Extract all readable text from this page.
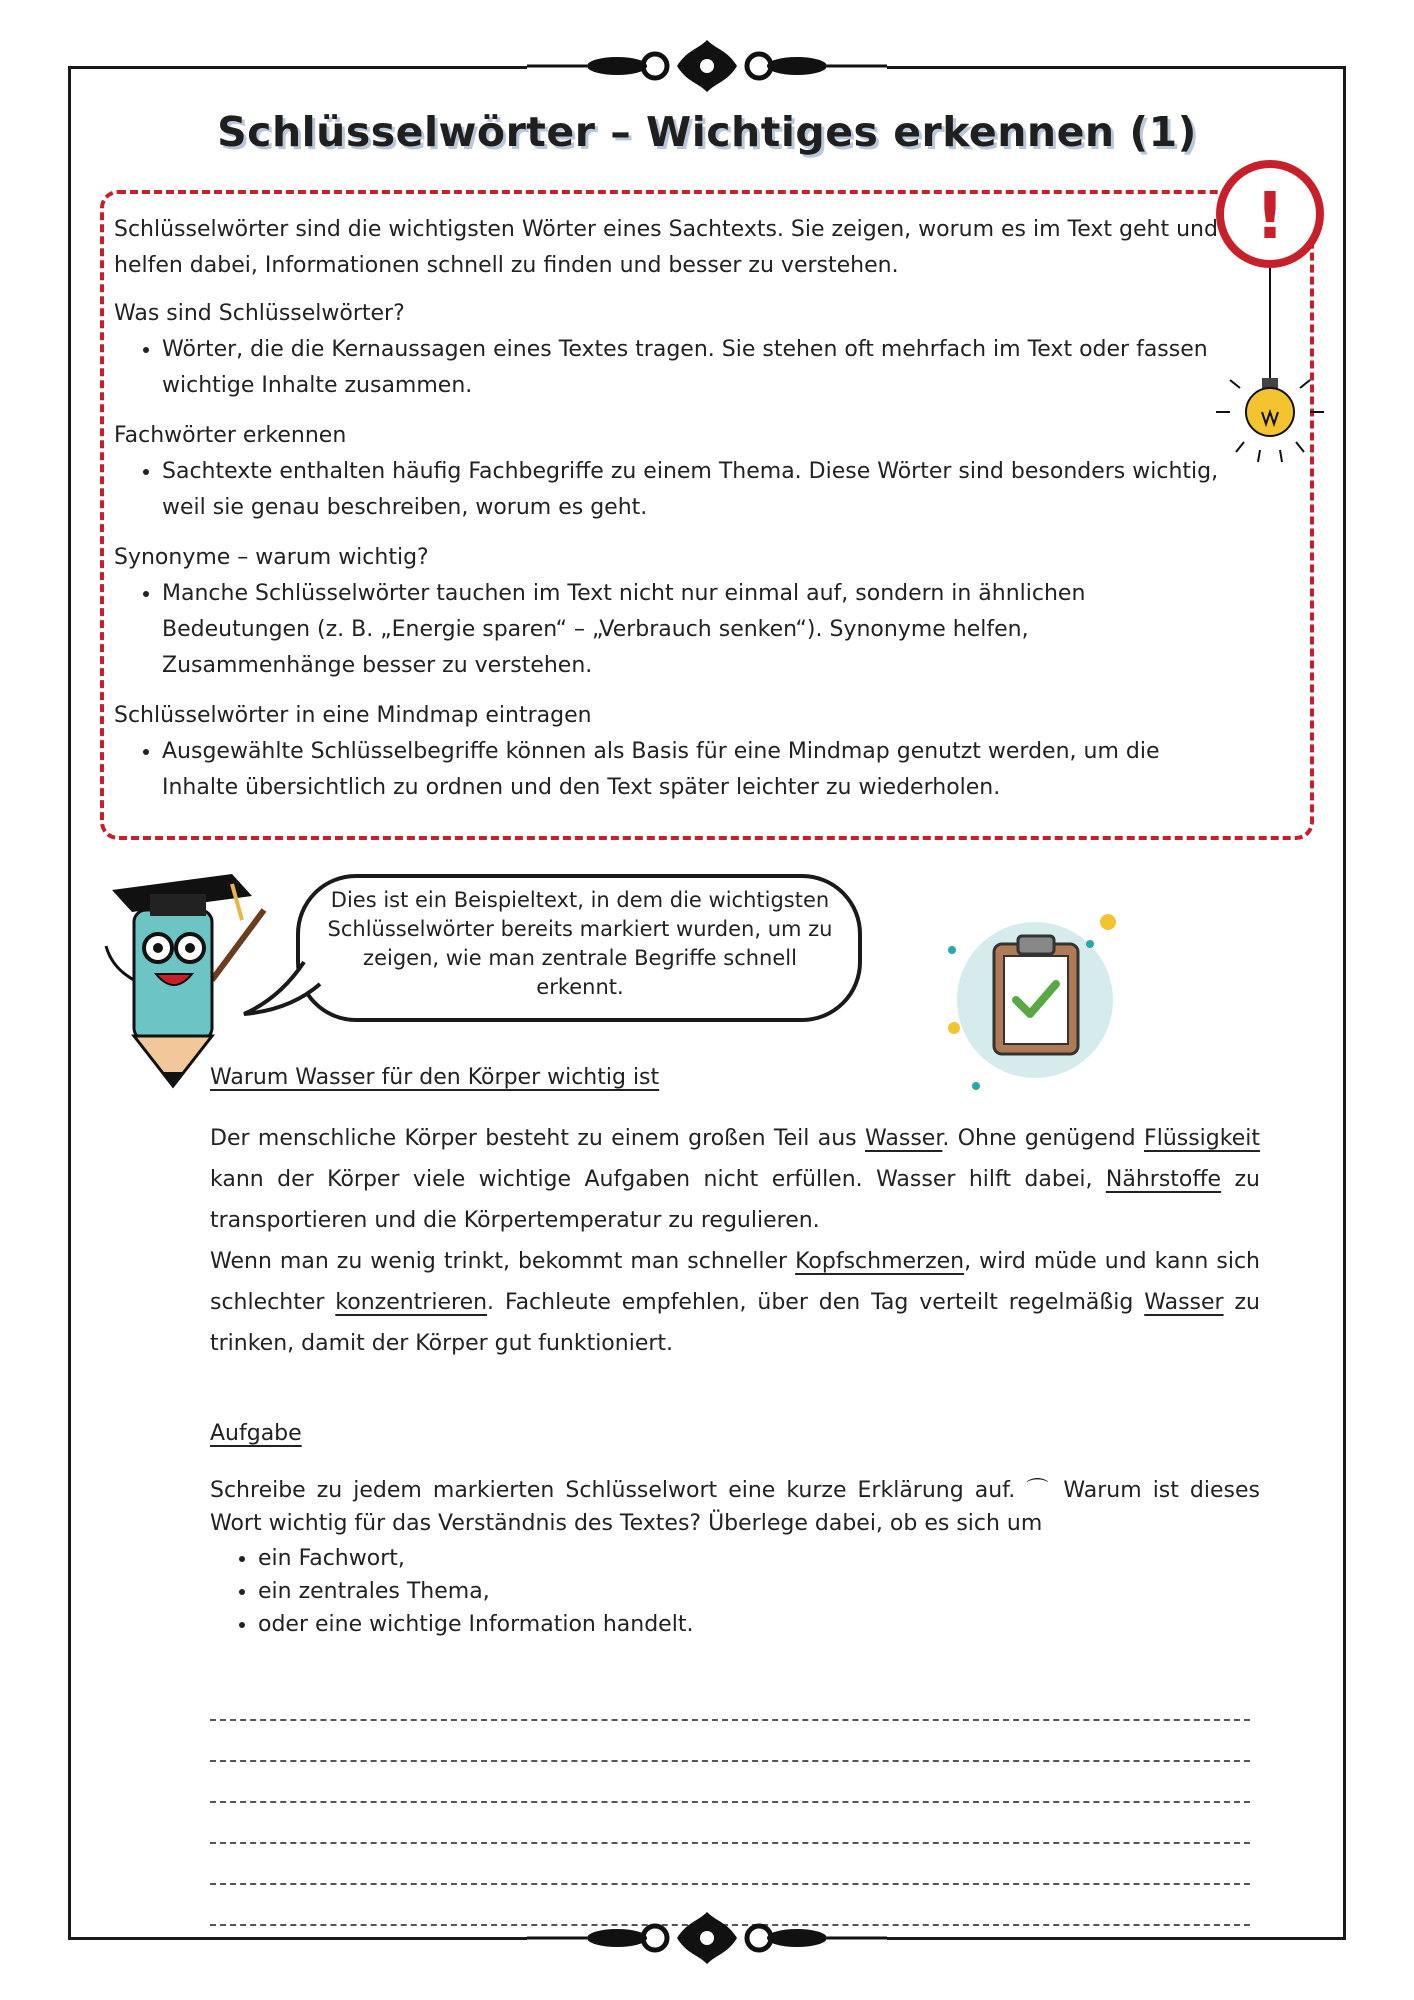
Schlüsselwörter – Wichtiges erkennen (1)

Schlüsselwörter sind die wichtigsten Wörter eines Sachtexts. Sie zeigen, worum es im Text geht und helfen dabei, Informationen schnell zu finden und besser zu verstehen.

Was sind Schlüsselwörter?
• Wörter, die die Kernaussagen eines Textes tragen. Sie stehen oft mehrfach im Text oder fassen wichtige Inhalte zusammen.
Fachwörter erkennen
• Sachtexte enthalten häufig Fachbegriffe zu einem Thema. Diese Wörter sind besonders wichtig, weil sie genau beschreiben, worum es geht.
Synonyme – warum wichtig?
• Manche Schlüsselwörter tauchen im Text nicht nur einmal auf, sondern in ähnlichen Bedeutungen (z. B. „Energie sparen“ – „Verbrauch senken“). Synonyme helfen, Zusammenhänge besser zu verstehen.
Schlüsselwörter in eine Mindmap eintragen
• Ausgewählte Schlüsselbegriffe können als Basis für eine Mindmap genutzt werden, um die Inhalte übersichtlich zu ordnen und den Text später leichter zu wiederholen.
!
Dies ist ein Beispieltext, in dem die wichtigsten Schlüsselwörter bereits markiert wurden, um zu zeigen, wie man zentrale Begriffe schnell erkennt.
Warum Wasser für den Körper wichtig ist

Der menschliche Körper besteht zu einem großen Teil aus Wasser. Ohne genügend Flüssigkeit kann der Körper viele wichtige Aufgaben nicht erfüllen. Wasser hilft dabei, Nährstoffe zu transportieren und die Körpertemperatur zu regulieren.
Wenn man zu wenig trinkt, bekommt man schneller Kopfschmerzen, wird müde und kann sich schlechter konzentrieren. Fachleute empfehlen, über den Tag verteilt regelmäßig Wasser zu trinken, damit der Körper gut funktioniert.

Aufgabe

Schreibe zu jedem markierten Schlüsselwort eine kurze Erklärung auf. ⌒ Warum ist dieses Wort wichtig für das Verständnis des Textes? Überlege dabei, ob es sich um

• ein Fachwort,
• ein zentrales Thema,
• oder eine wichtige Information handelt.
